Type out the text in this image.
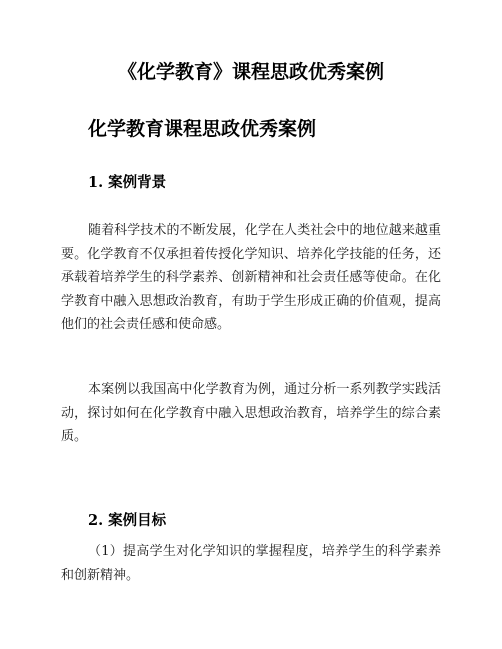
《化学教育》课程思政优秀案例
化学教育课程思政优秀案例
1. 案例背景

随着科学技术的不断发展，化学在人类社会中的地位越来越重要。化学教育不仅承担着传授化学知识、培养化学技能的任务，还承载着培养学生的科学素养、创新精神和社会责任感等使命。在化学教育中融入思想政治教育，有助于学生形成正确的价值观，提高他们的社会责任感和使命感。

本案例以我国高中化学教育为例，通过分析一系列教学实践活动，探讨如何在化学教育中融入思想政治教育，培养学生的综合素质。

2. 案例目标

（1）提高学生对化学知识的掌握程度，培养学生的科学素养和创新精神。
